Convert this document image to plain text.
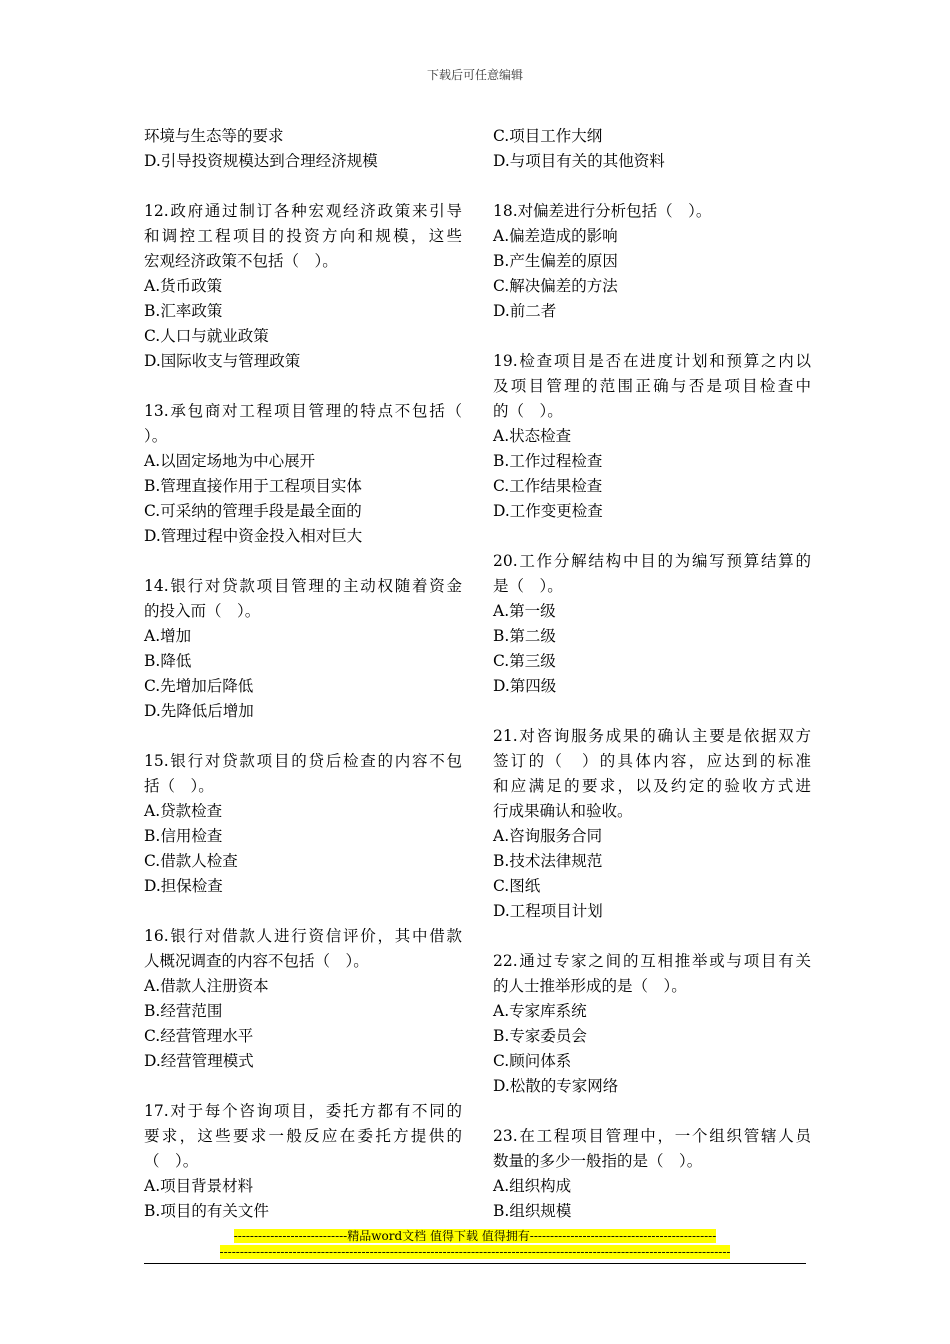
下载后可任意编辑
环境与生态等的要求
D.引导投资规模达到合理经济规模
12.政府通过制订各种宏观经济政策来引导
和调控工程项目的投资方向和规模，这些
宏观经济政策不包括（　）。
A.货币政策
B.汇率政策
C.人口与就业政策
D.国际收支与管理政策
13.承包商对工程项目管理的特点不包括（
）。
A.以固定场地为中心展开
B.管理直接作用于工程项目实体
C.可采纳的管理手段是最全面的
D.管理过程中资金投入相对巨大
14.银行对贷款项目管理的主动权随着资金
的投入而（　）。
A.增加
B.降低
C.先增加后降低
D.先降低后增加
15.银行对贷款项目的贷后检查的内容不包
括（　）。
A.贷款检查
B.信用检查
C.借款人检查
D.担保检查
16.银行对借款人进行资信评价，其中借款
人概况调查的内容不包括（　）。
A.借款人注册资本
B.经营范围
C.经营管理水平
D.经营管理模式
17.对于每个咨询项目，委托方都有不同的
要求，这些要求一般反应在委托方提供的
（　）。
A.项目背景材料
B.项目的有关文件
C.项目工作大纲
D.与项目有关的其他资料
18.对偏差进行分析包括（　）。
A.偏差造成的影响
B.产生偏差的原因
C.解决偏差的方法
D.前二者
19.检查项目是否在进度计划和预算之内以
及项目管理的范围正确与否是项目检查中
的（　）。
A.状态检查
B.工作过程检查
C.工作结果检查
D.工作变更检查
20.工作分解结构中目的为编写预算结算的
是（　）。
A.第一级
B.第二级
C.第三级
D.第四级
21.对咨询服务成果的确认主要是依据双方
签订的（　）的具体内容，应达到的标准
和应满足的要求，以及约定的验收方式进
行成果确认和验收。
A.咨询服务合同
B.技术法律规范
C.图纸
D.工程项目计划
22.通过专家之间的互相推举或与项目有关
的人士推举形成的是（　）。
A.专家库系统
B.专家委员会
C.顾问体系
D.松散的专家网络
23.在工程项目管理中，一个组织管辖人员
数量的多少一般指的是（　）。
A.组织构成
B.组织规模
----------------------------精品word文档 值得下载 值得拥有----------------------------------------------
------------------------------------------------------------------------------------------------------------------------------
